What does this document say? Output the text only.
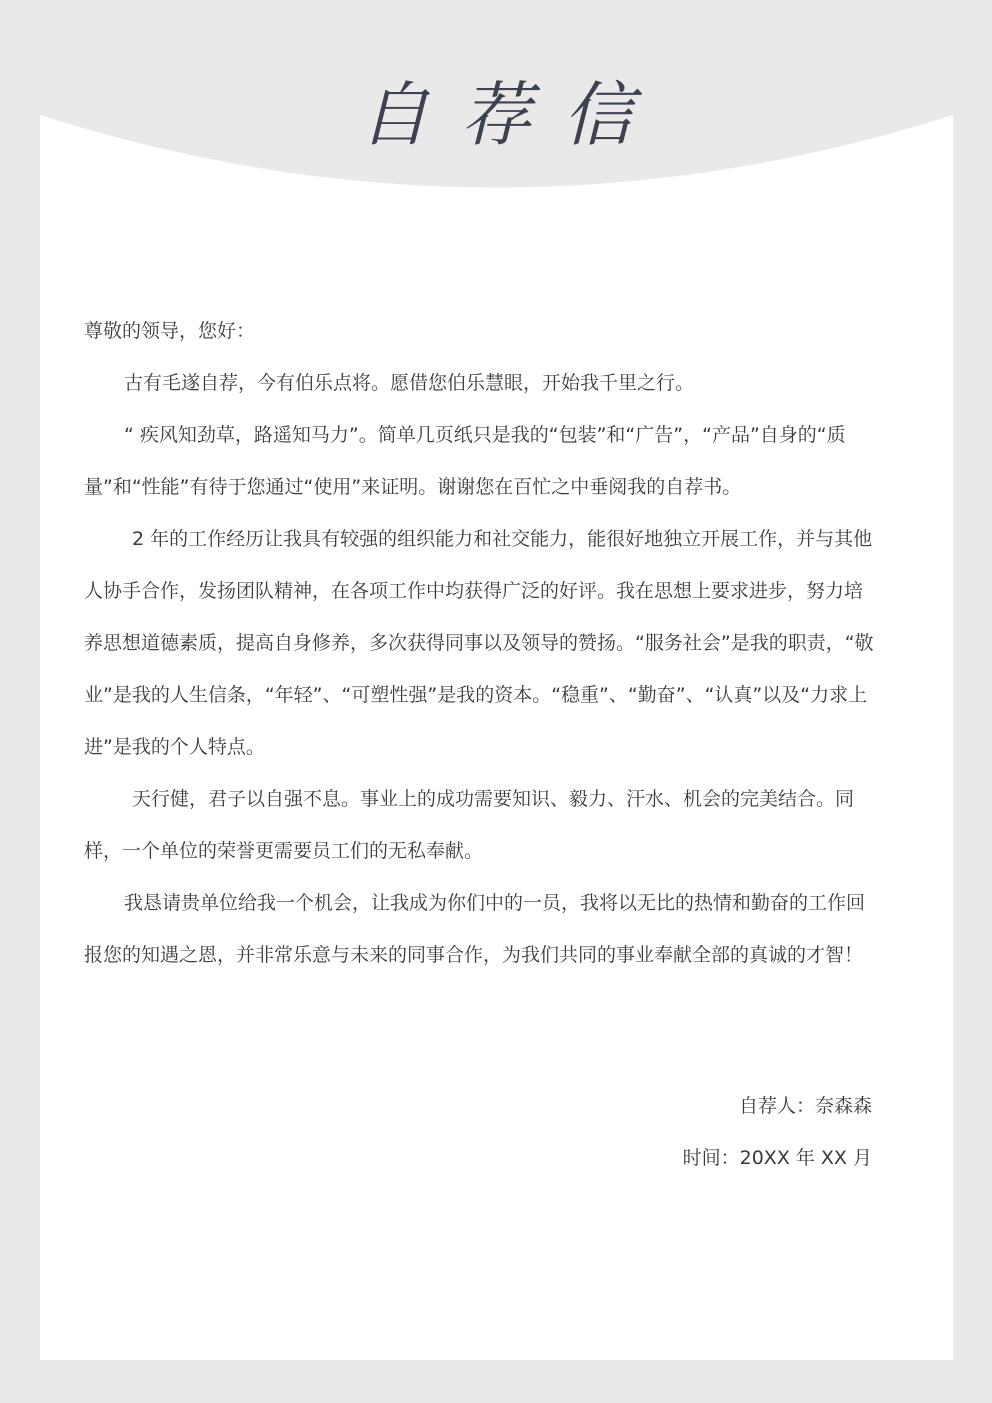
自荐信

尊敬的领导，您好：

古有毛遂自荐，今有伯乐点将。愿借您伯乐慧眼，开始我千里之行。

“ 疾风知劲草，路遥知马力”。简单几页纸只是我的“包装”和“广告”，“产品”自身的“质量”和“性能”有待于您通过“使用”来证明。谢谢您在百忙之中垂阅我的自荐书。

2 年的工作经历让我具有较强的组织能力和社交能力，能很好地独立开展工作，并与其他人协手合作，发扬团队精神，在各项工作中均获得广泛的好评。我在思想上要求进步，努力培养思想道德素质，提高自身修养，多次获得同事以及领导的赞扬。“服务社会”是我的职责，“敬业”是我的人生信条，“年轻”、“可塑性强”是我的资本。“稳重”、“勤奋”、“认真”以及“力求上进”是我的个人特点。

天行健，君子以自强不息。事业上的成功需要知识、毅力、汗水、机会的完美结合。同样，一个单位的荣誉更需要员工们的无私奉献。

我恳请贵单位给我一个机会，让我成为你们中的一员，我将以无比的热情和勤奋的工作回报您的知遇之恩，并非常乐意与未来的同事合作，为我们共同的事业奉献全部的真诚的才智！

自荐人：奈森森
时间：20XX 年 XX 月
